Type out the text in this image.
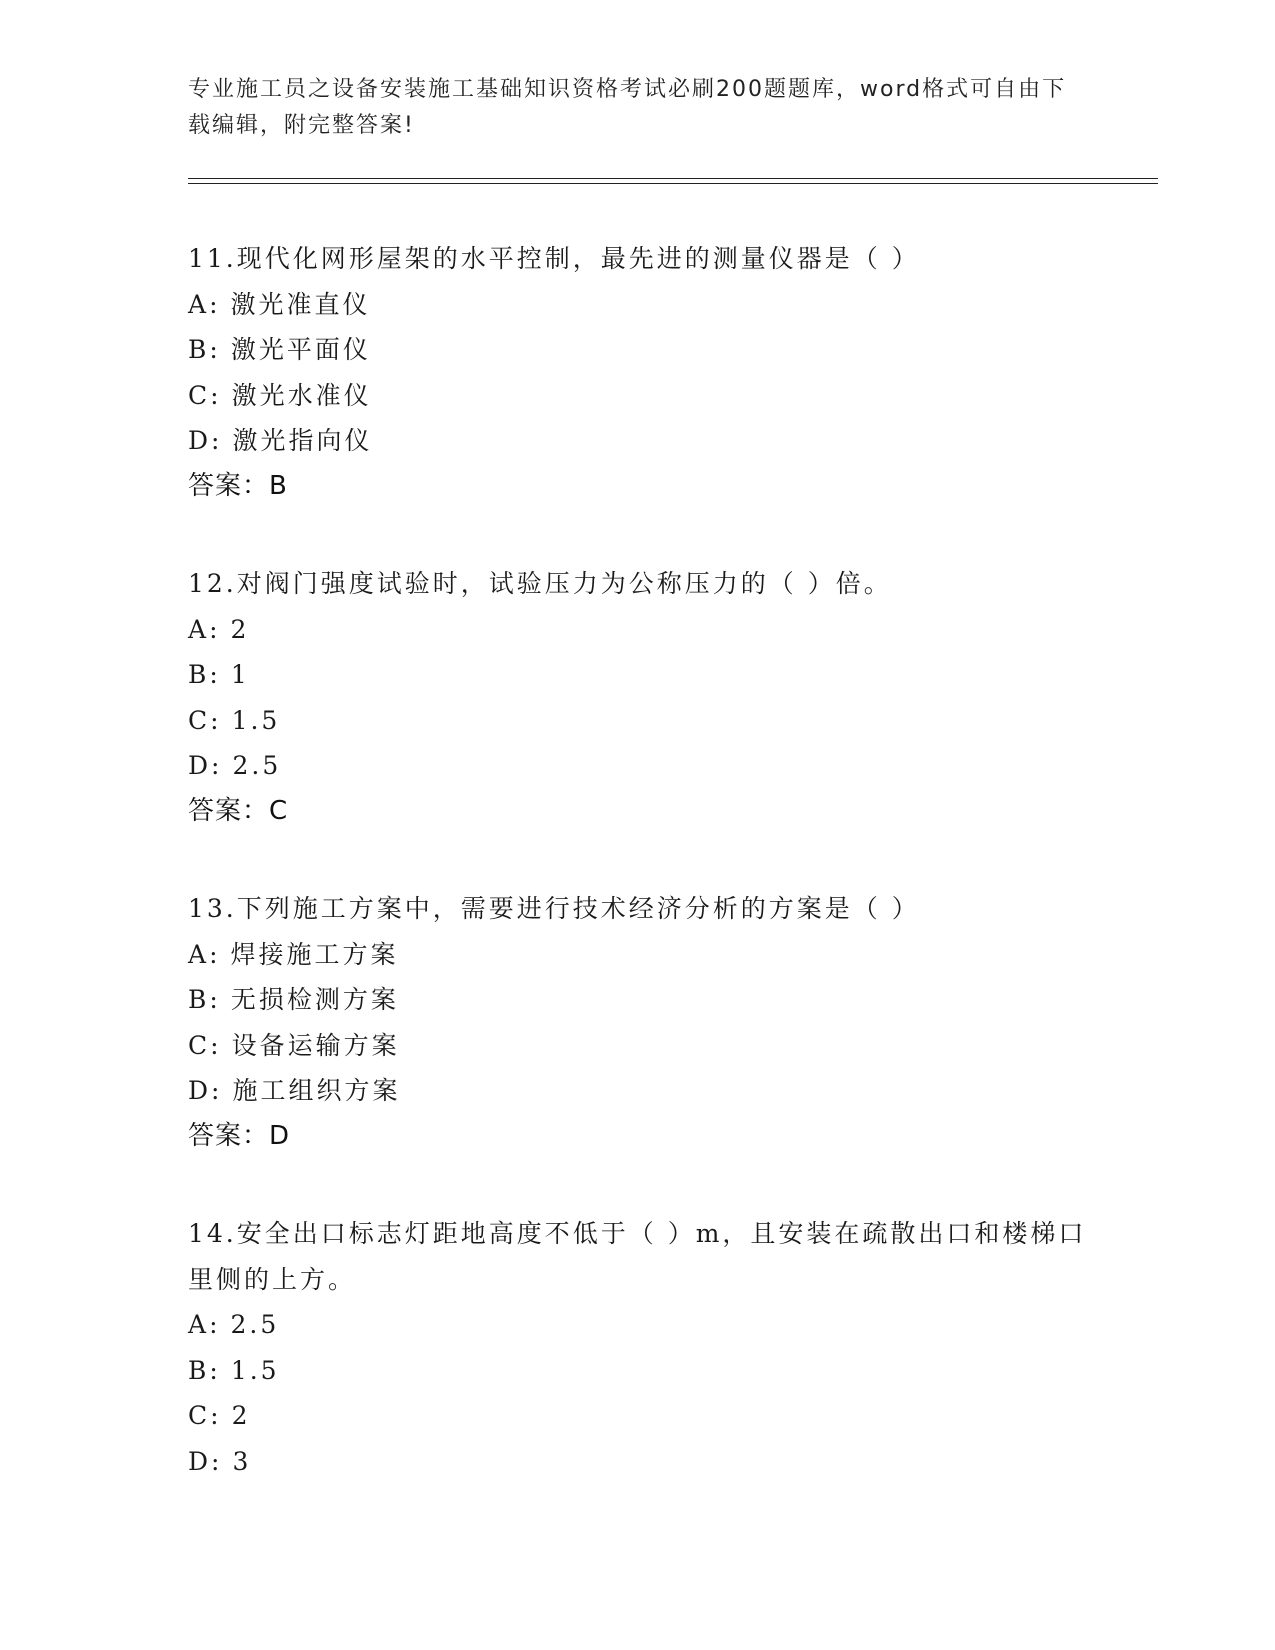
专业施工员之设备安装施工基础知识资格考试必刷200题题库，word格式可自由下载编辑，附完整答案!
11.现代化网形屋架的水平控制，最先进的测量仪器是（ ）
A: 激光准直仪
B: 激光平面仪
C: 激光水准仪
D: 激光指向仪
答案：B
12.对阀门强度试验时，试验压力为公称压力的（ ）倍。
A: 2
B: 1
C: 1.5
D: 2.5
答案：C
13.下列施工方案中，需要进行技术经济分析的方案是（ ）
A: 焊接施工方案
B: 无损检测方案
C: 设备运输方案
D: 施工组织方案
答案：D
14.安全出口标志灯距地高度不低于（ ）m，且安装在疏散出口和楼梯口里侧的上方。
A: 2.5
B: 1.5
C: 2
D: 3
